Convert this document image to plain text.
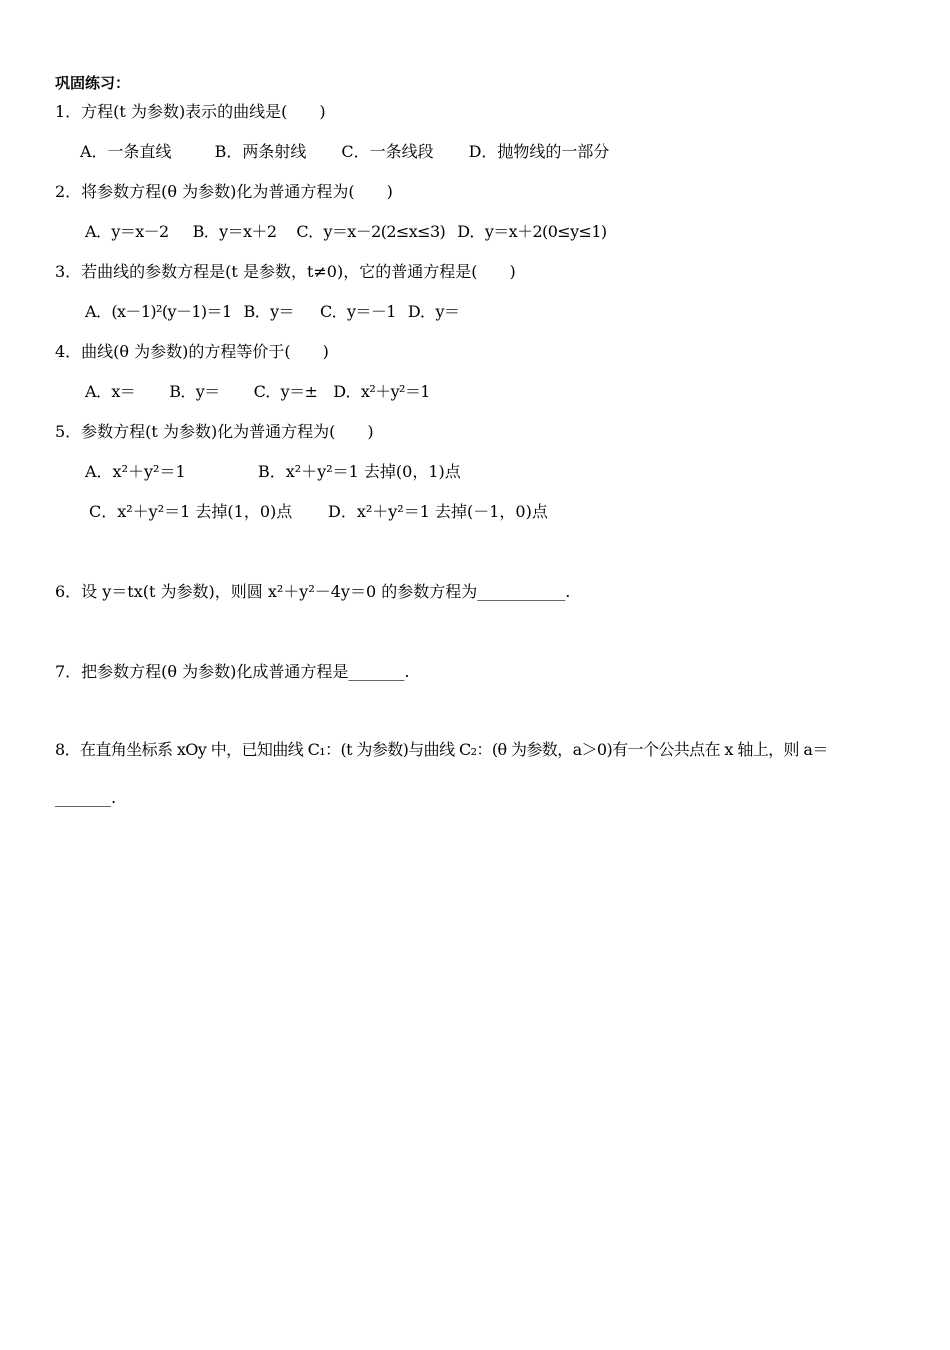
巩固练习：
1．方程(t 为参数)表示的曲线是(　　)
A．一条直线	B．两条射线 C．一条线段 D．抛物线的一部分
2．将参数方程(θ 为参数)化为普通方程为(　　)
A．y＝x－2 B．y＝x＋2 C．y＝x－2(2≤x≤3) D．y＝x＋2(0≤y≤1)
3．若曲线的参数方程是(t 是参数，t≠0)，它的普通方程是(　　)
A．(x－1)²(y－1)＝1 B．y＝ C．y＝－1 D．y＝
4．曲线(θ 为参数)的方程等价于(　　)
A．x＝ B．y＝ C．y＝± D．x²＋y²＝1
5．参数方程(t 为参数)化为普通方程为(　　)
A．x²＋y²＝1	B．x²＋y²＝1 去掉(0，1)点
C．x²＋y²＝1 去掉(1，0)点 D．x²＋y²＝1 去掉(－1，0)点
6．设 y＝tx(t 为参数)，则圆 x²＋y²－4y＝0 的参数方程为___________.
7．把参数方程(θ 为参数)化成普通方程是_______.
8．在直角坐标系 xOy 中，已知曲线 C₁：(t 为参数)与曲线 C₂：(θ 为参数，a＞0)有一个公共点在 x 轴上，则 a＝
_______.
